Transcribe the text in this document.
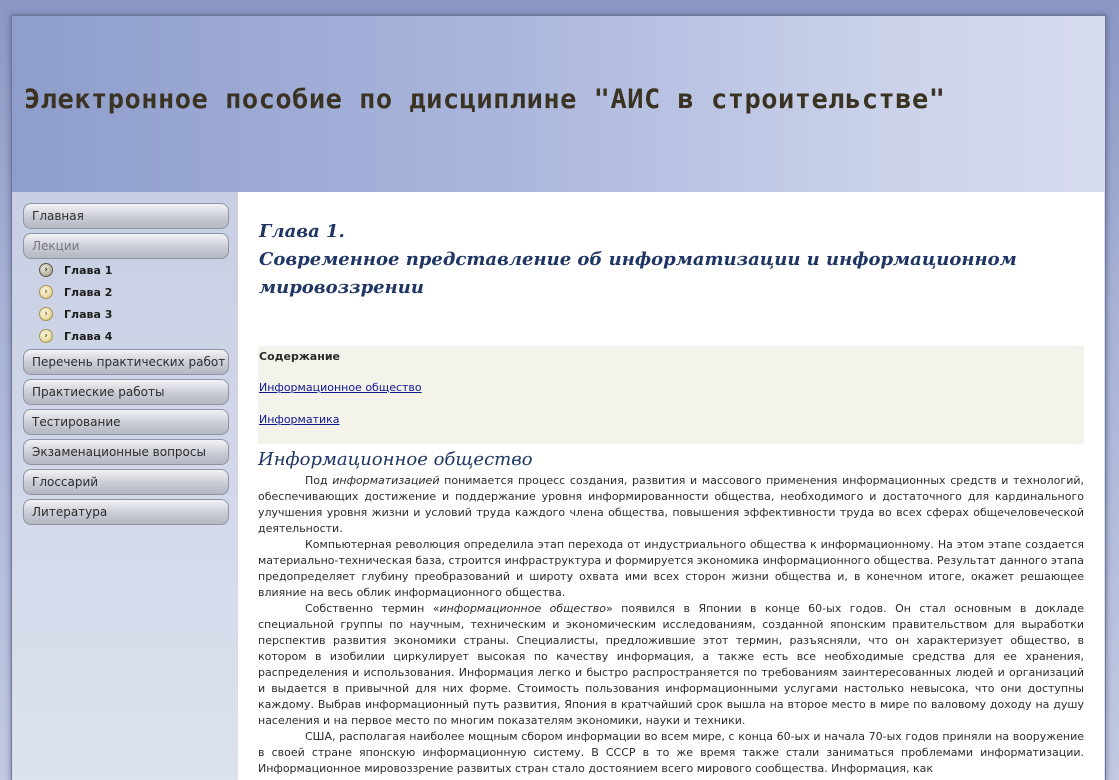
Электронное пособие по дисциплине "АИС в строительстве"
Главная
Лекции
›	Глава 1
›	Глава 2
›	Глава 3
›	Глава 4
Перечень практических работ
Практиеские работы
Тестирование
Экзаменационные вопросы
Глоссарий
Литература
Глава 1.
Современное представление об информатизации и информационном мировоззрении
Содержание
Информационное общество
Информатика
Информационное общество

Под информатизацией понимается процесс создания, развития и массового применения информационных средств и технологий, обеспечивающих достижение и поддержание уровня информированности общества, необходимого и достаточного для кардинального улучшения уровня жизни и условий труда каждого члена общества, повышения эффективности труда во всех сферах общечеловеческой деятельности.

Компьютерная революция определила этап перехода от индустриального общества к информационному. На этом этапе создается материально-техническая база, строится инфраструктура и формируется экономика информационного общества. Результат данного этапа предопределяет глубину преобразований и широту охвата ими всех сторон жизни общества и, в конечном итоге, окажет решающее влияние на весь облик информационного общества.

Собственно термин «информационное общество» появился в Японии в конце 60-ых годов. Он стал основным в докладе специальной группы по научным, техническим и экономическим исследованиям, созданной японским правительством для выработки перспектив развития экономики страны. Специалисты, предложившие этот термин, разъясняли, что он характеризует общество, в котором в изобилии циркулирует высокая по качеству информация, а также есть все необходимые средства для ее хранения, распределения и использования. Информация легко и быстро распространяется по требованиям заинтересованных людей и организаций и выдается в привычной для них форме. Стоимость пользования информационными услугами настолько невысока, что они доступны каждому. Выбрав информационный путь развития, Япония в кратчайший срок вышла на второе место в мире по валовому доходу на душу населения и на первое место по многим показателям экономики, науки и техники.

США, располагая наиболее мощным сбором информации во всем мире, с конца 60-ых и начала 70-ых годов приняли на вооружение в своей стране японскую информационную систему. В СССР в то же время также стали заниматься проблемами информатизации. Информационное мировоззрение развитых стран стало достоянием всего мирового сообщества. Информация, как
